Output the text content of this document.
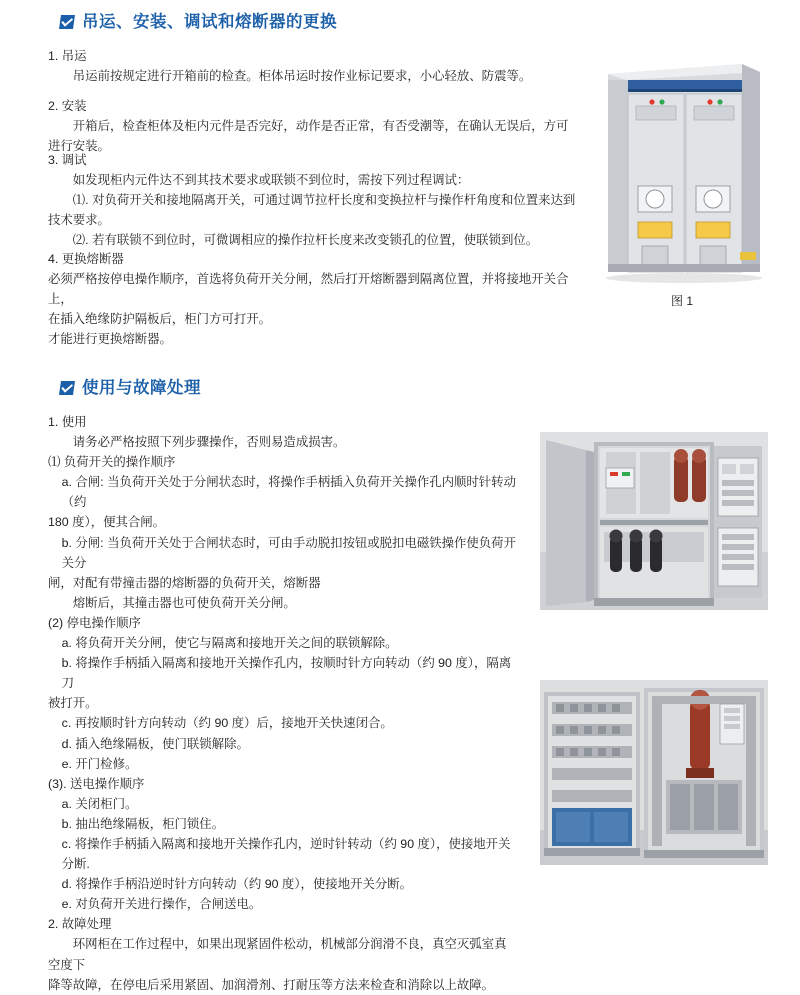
吊运、安装、调试和熔断器的更换

1. 吊运

吊运前按规定进行开箱前的检查。柜体吊运时按作业标记要求，小心轻放、防震等。

2. 安装

开箱后，检查柜体及柜内元件是否完好，动作是否正常，有否受潮等，在确认无误后，方可进行安装。

3. 调试

如发现柜内元件达不到其技术要求或联锁不到位时，需按下列过程调试：

⑴. 对负荷开关和接地隔离开关，可通过调节拉杆长度和变换拉杆与操作杆角度和位置来达到技术要求。

⑵. 若有联锁不到位时，可微调相应的操作拉杆长度来改变锁孔的位置，使联锁到位。

4. 更换熔断器

必须严格按停电操作顺序，首选将负荷开关分闸，然后打开熔断器到隔离位置，并将接地开关合上，

在插入绝缘防护隔板后，柜门方可打开。

才能进行更换熔断器。

图 1
使用与故障处理

1. 使用

请务必严格按照下列步骤操作，否则易造成损害。

⑴ 负荷开关的操作顺序

a. 合闸: 当负荷开关处于分闸状态时，将操作手柄插入负荷开关操作孔内顺时针转动（约

180 度），便其合闸。

b. 分闸: 当负荷开关处于合闸状态时，可由手动脱扣按钮或脱扣电磁铁操作使负荷开关分

闸，对配有带撞击器的熔断器的负荷开关，熔断器

熔断后，其撞击器也可使负荷开关分闸。

(2) 停电操作顺序

a. 将负荷开关分闸，使它与隔离和接地开关之间的联锁解除。

b. 将操作手柄插入隔离和接地开关操作孔内，按顺时针方向转动（约 90 度），隔离刀

被打开。

c. 再按顺时针方向转动（约 90 度）后，接地开关快速闭合。

d. 插入绝缘隔板，使门联锁解除。

e. 开门检修。

(3). 送电操作顺序

a. 关闭柜门。

b. 抽出绝缘隔板，柜门锁住。

c. 将操作手柄插入隔离和接地开关操作孔内，逆时针转动（约 90 度），使接地开关分断.

d. 将操作手柄沿逆时针方向转动（约 90 度），使接地开关分断。

e. 对负荷开关进行操作，合闸送电。

2. 故障处理

环网柜在工作过程中，如果出现紧固件松动，机械部分润滑不良，真空灭弧室真空度下

降等故障，在停电后采用紧固、加润滑剂、打耐压等方法来检查和消除以上故障。
